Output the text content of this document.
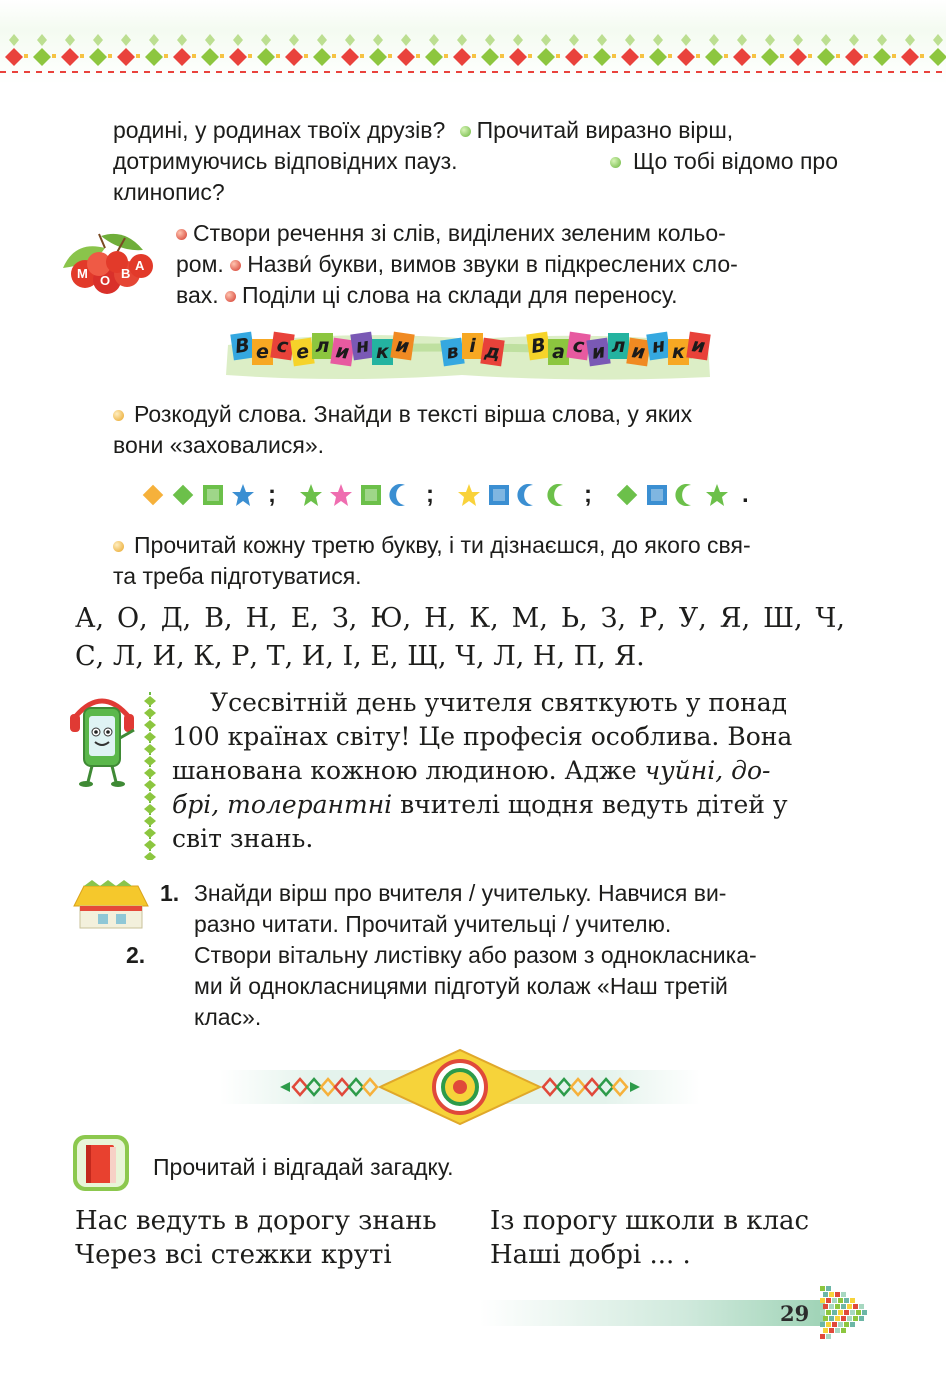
родині, у родинах твоїх друзів? Прочитай виразно вірш,
дотримуючись відповідних пауз.	Що тобі відомо про
клинопис?
М О В
А
Створи речення зі слів, виділених зеленим кольо-
ром. Назви́ букви, вимов звуки в підкреслених сло-
вах. Поділи ці слова на склади для переносу.
В е с е л и н к и в і д В а с и л и н к и
Розкодуй слова. Знайди в тексті вірша слова, у яких
вони «заховалися».
;	;	;	.
Прочитай кожну третю букву, і ти дізнаєшся, до якого свя-
та треба підготуватися.
А, О, Д, В, Н, Е, З, Ю, Н, К, М, Ь, З, Р, У, Я, Ш, Ч,
С, Л, И, К, Р, Т, И, І, Е, Щ, Ч, Л, Н, П, Я.
Усесвітній день учителя святкують у понад
100 країнах світу! Це професія особлива. Вона
шанована кожною людиною. Адже чуйні, до-
брі, толерантні вчителі щодня ведуть дітей у
світ знань.
1. Знайди вірш про вчителя / учительку. Навчися ви-
разно читати. Прочитай учительці / учителю.
2. Створи вітальну листівку або разом з однокласника-
ми й однокласницями підготуй колаж «Наш третій
клас».
Прочитай і відгадай загадку.
Нас ведуть в дорогу знань
Через всі стежки круті
Із порогу школи в клас
Наші добрі ... .
29
